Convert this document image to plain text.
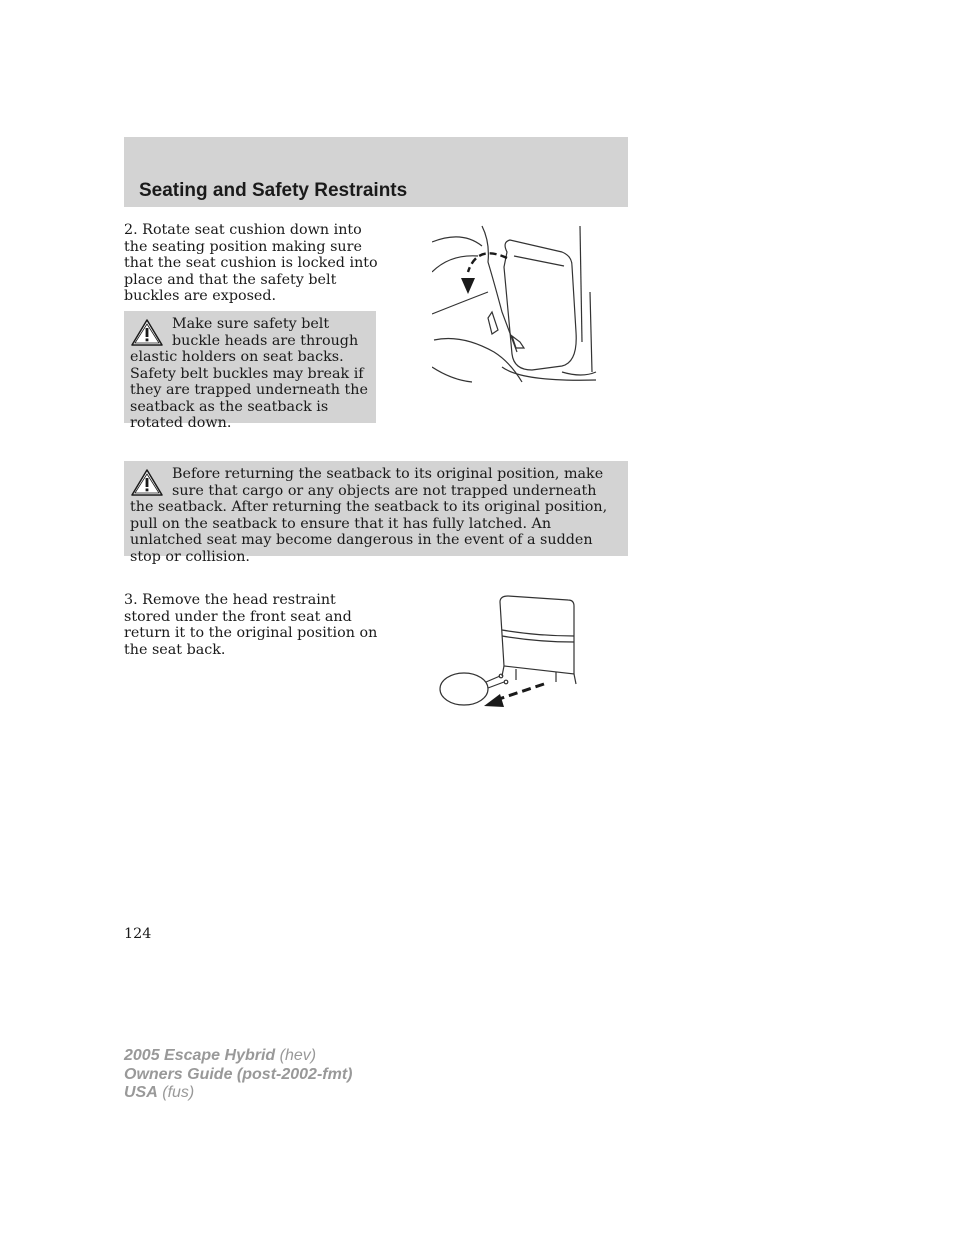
Seating and Safety Restraints

2. Rotate seat cushion down into the seating position making sure that the seat cushion is locked into place and that the safety belt buckles are exposed.

Make sure safety belt buckle heads are through elastic holders on seat backs. Safety belt buckles may break if they are trapped underneath the seatback as the seatback is rotated down.
Before returning the seatback to its original position, make sure that cargo or any objects are not trapped underneath the seatback. After returning the seatback to its original position, pull on the seatback to ensure that it has fully latched. An unlatched seat may become dangerous in the event of a sudden stop or collision.

3. Remove the head restraint stored under the front seat and return it to the original position on the seat back.

124
2005 Escape Hybrid (hev)
Owners Guide (post-2002-fmt)
USA (fus)
